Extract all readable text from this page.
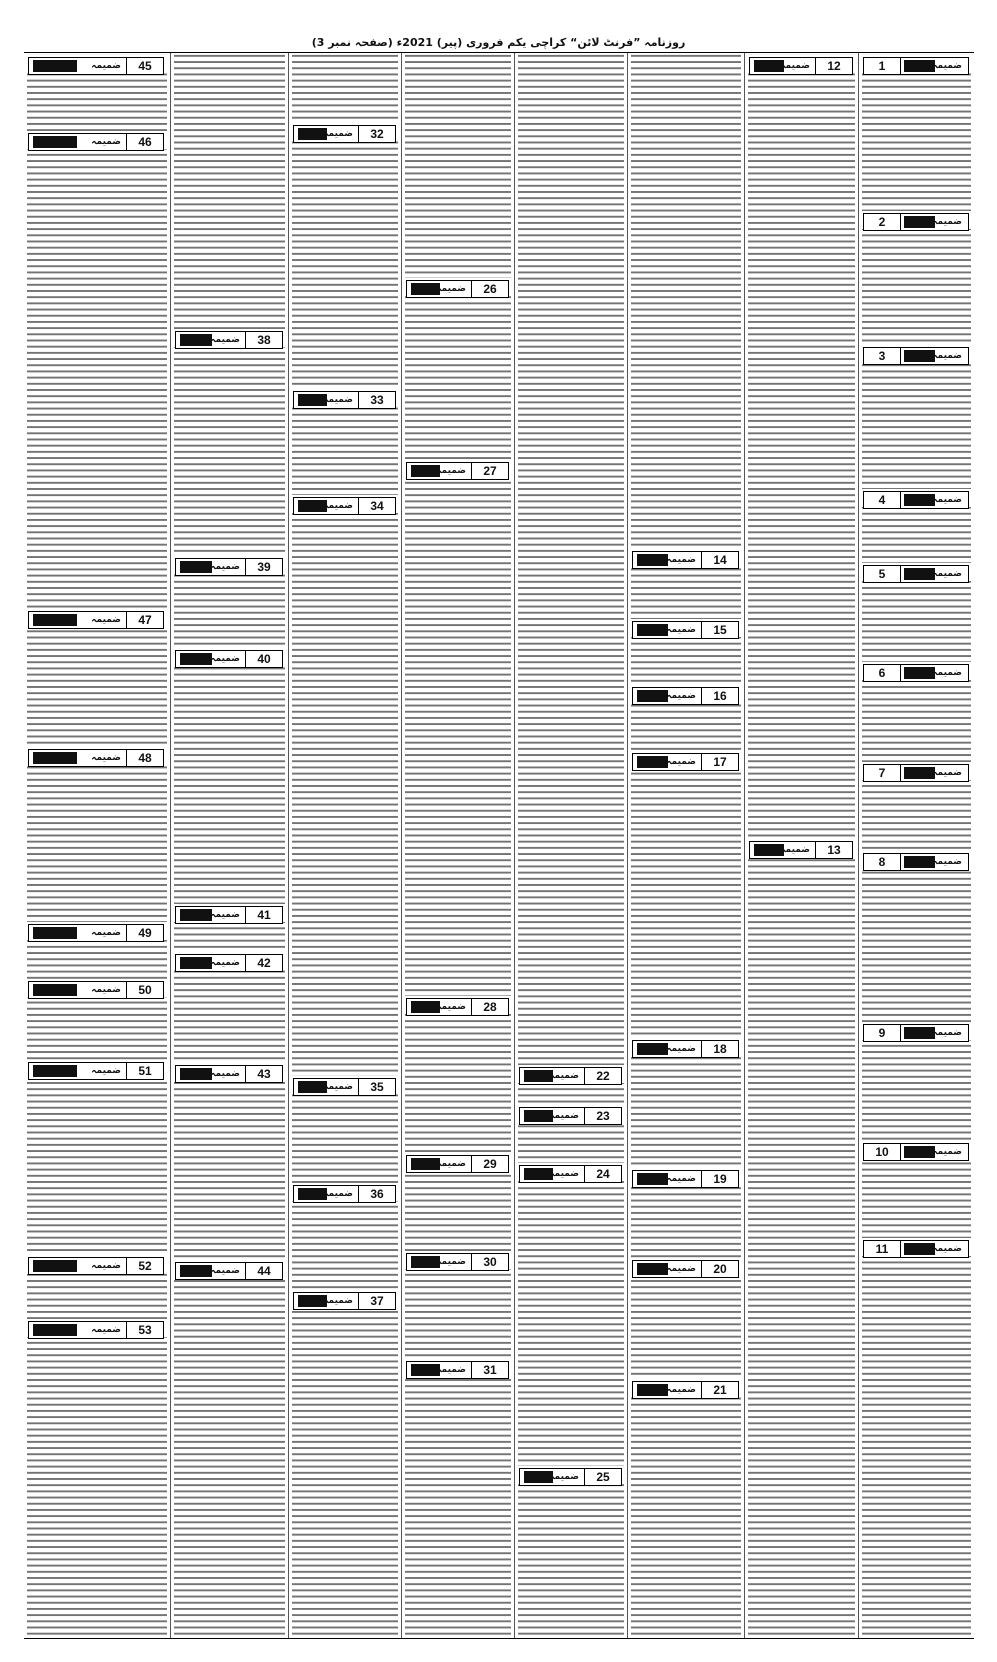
روزنامہ ”فرنٹ لائن“ کراچی یکم فروری (پیر) 2021ء (صفحہ نمبر 3)
1	ضمیمہ
2	ضمیمہ
3	ضمیمہ
4	ضمیمہ
5	ضمیمہ
6	ضمیمہ
7	ضمیمہ
8	ضمیمہ
9	ضمیمہ
10	ضمیمہ
11	ضمیمہ
12
ضمیمہ
13
ضمیمہ
14
ضمیمہ
15
ضمیمہ
16
ضمیمہ
17
ضمیمہ
18
ضمیمہ
19
ضمیمہ
20
ضمیمہ
21
ضمیمہ
22
ضمیمہ
23
ضمیمہ
24
ضمیمہ
25
ضمیمہ
26
ضمیمہ
27
ضمیمہ
28
ضمیمہ
29
ضمیمہ
30
ضمیمہ
31
ضمیمہ
32
ضمیمہ
33
ضمیمہ
34
ضمیمہ
35
ضمیمہ
36
ضمیمہ
37
ضمیمہ
38
ضمیمہ
39
ضمیمہ
40
ضمیمہ
41
ضمیمہ
42
ضمیمہ
43
ضمیمہ
44
ضمیمہ
45
ضمیمہ
46
ضمیمہ
47
ضمیمہ
48
ضمیمہ
49
ضمیمہ
50
ضمیمہ
51
ضمیمہ
52
ضمیمہ
53
ضمیمہ
